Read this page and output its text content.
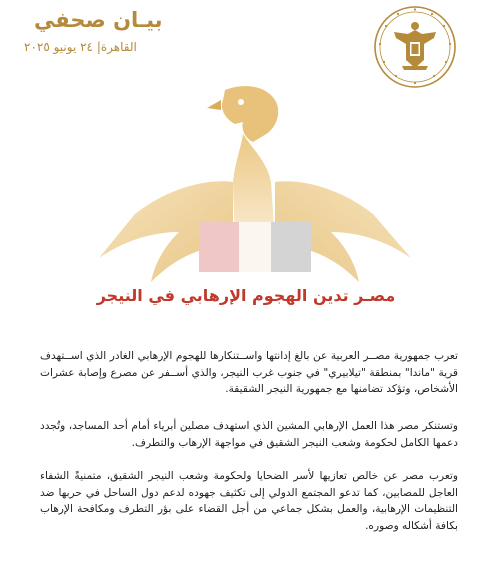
بيـان صحفي
القاهرة| ٢٤ يونيو ٢٠٢٥
مصـر تدين الهجوم الإرهابي في النيجر
تعرب جمهورية مصــر العربية عن بالغ إدانتها واســتنكارها للهجوم الإرهابي الغادر الذي اســتهدف قرية "ماندا" بمنطقة "تيلابيري" في جنوب غرب النيجر، والذي أســفر عن مصرع وإصابة عشرات الأشخاص، وتؤكد تضامنها مع جمهورية النيجر الشقيقة.
وتستنكر مصر هذا العمل الإرهابي المشين الذي استهدف مصلين أبرياء أمام أحد المساجد، وتُجدد دعمها الكامل لحكومة وشعب النيجر الشقيق في مواجهة الإرهاب والتطرف.
وتعرب مصر عن خالص تعازيها لأسر الضحايا ولحكومة وشعب النيجر الشقيق، متمنيةً الشفاء العاجل للمصابين، كما تدعو المجتمع الدولي إلى تكثيف جهوده لدعم دول الساحل في حربها ضد التنظيمات الإرهابية، والعمل بشكل جماعي من أجل القضاء على بؤر التطرف ومكافحة الإرهاب بكافة أشكاله وصوره.
